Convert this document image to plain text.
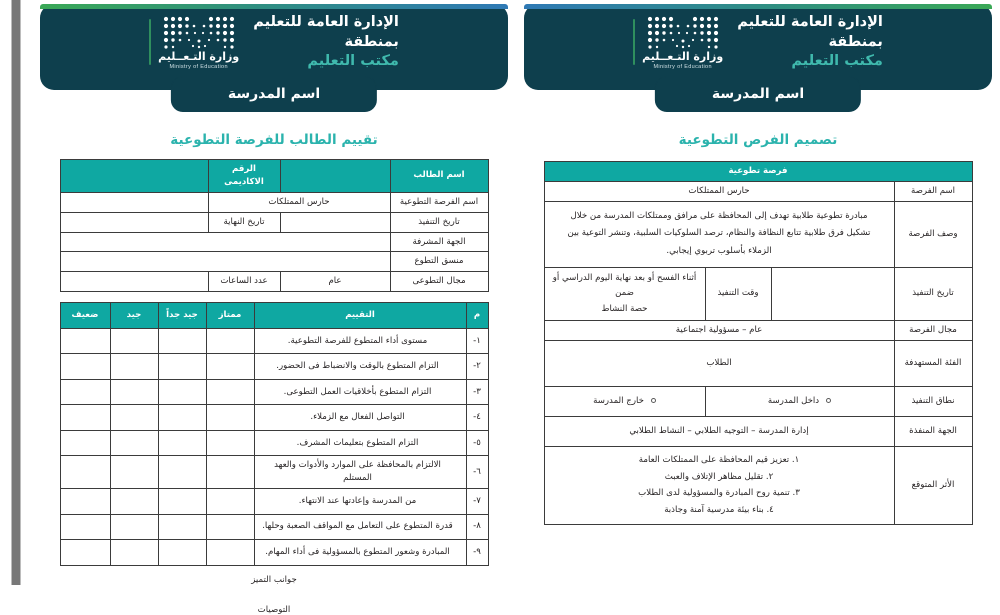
الإدارة العامة للتعليم
بمنطقة
مكتب التعليم
وزارة التـعــليم
Ministry of Education
اسم المدرسة
تصميم الفرص التطوعية
فرصة تطوعية			
اسم الفرصة	حارس الممتلكات		
وصف الفرصة	مبادرة تطوعية طلابية تهدف إلى المحافظة على مرافق وممتلكات المدرسة من خلال
تشكيل فرق طلابية تتابع النظافة والنظام، ترصد السلوكيات السلبية، وتنشر التوعية بين
الزملاء بأسلوب تربوي إيجابي.		

تاريخ التنفيذ		وقت التنفيذ	أثناء الفسح أو بعد نهاية اليوم الدراسي أو ضمن
حصة النشاط

مجال الفرصة	عام – مسؤولية اجتماعية		
الفئة المستهدفة	الطلاب		
نطاق التنفيذ	داخل المدرسة		خارج المدرسة
الجهة المنفذة	إدارة المدرسة – التوجيه الطلابي – النشاط الطلابي		
الأثر المتوقع	١. تعزيز قيم المحافظة على الممتلكات العامة
٢. تقليل مظاهر الإتلاف والعبث
٣. تنمية روح المبادرة والمسؤولية لدى الطلاب
٤. بناء بيئة مدرسية آمنة وجاذبة		
الإدارة العامة للتعليم
بمنطقة
مكتب التعليم
وزارة التـعــليم
Ministry of Education
اسم المدرسة
تقييم الطالب للفرصة التطوعية
اسم الطالب		الرقم الاكاديمى	
اسم الفرصة التطوعية	حارس الممتلكات		
تاريخ التنفيذ		تاريخ النهاية	
الجهة المشرفة			
منسق التطوع			
مجال التطوعى	عام	عدد الساعات	
م	التقييم	ممتاز	جيد جداً	جيد	ضعيف
١-	مستوى أداء المتطوع للفرصة التطوعية.				
٢-	التزام المتطوع بالوقت والانضباط فى الحضور.				
٣-	التزام المتطوع بأخلاقيات العمل التطوعى.				
٤-	التواصل الفعال مع الزملاء.				
٥-	التزام المتطوع بتعليمات المشرف.				
٦-	الالتزام بالمحافظة على الموارد والأدوات والعهد المستلم				
٧-	من المدرسة وإعادتها عند الانتهاء.				
٨-	قدرة المتطوع على التعامل مع المواقف الصعبة وحلها.				
٩-	المبادرة وشعور المتطوع بالمسؤولية فى أداء المهام.				
جوانب التميز
التوصيات
